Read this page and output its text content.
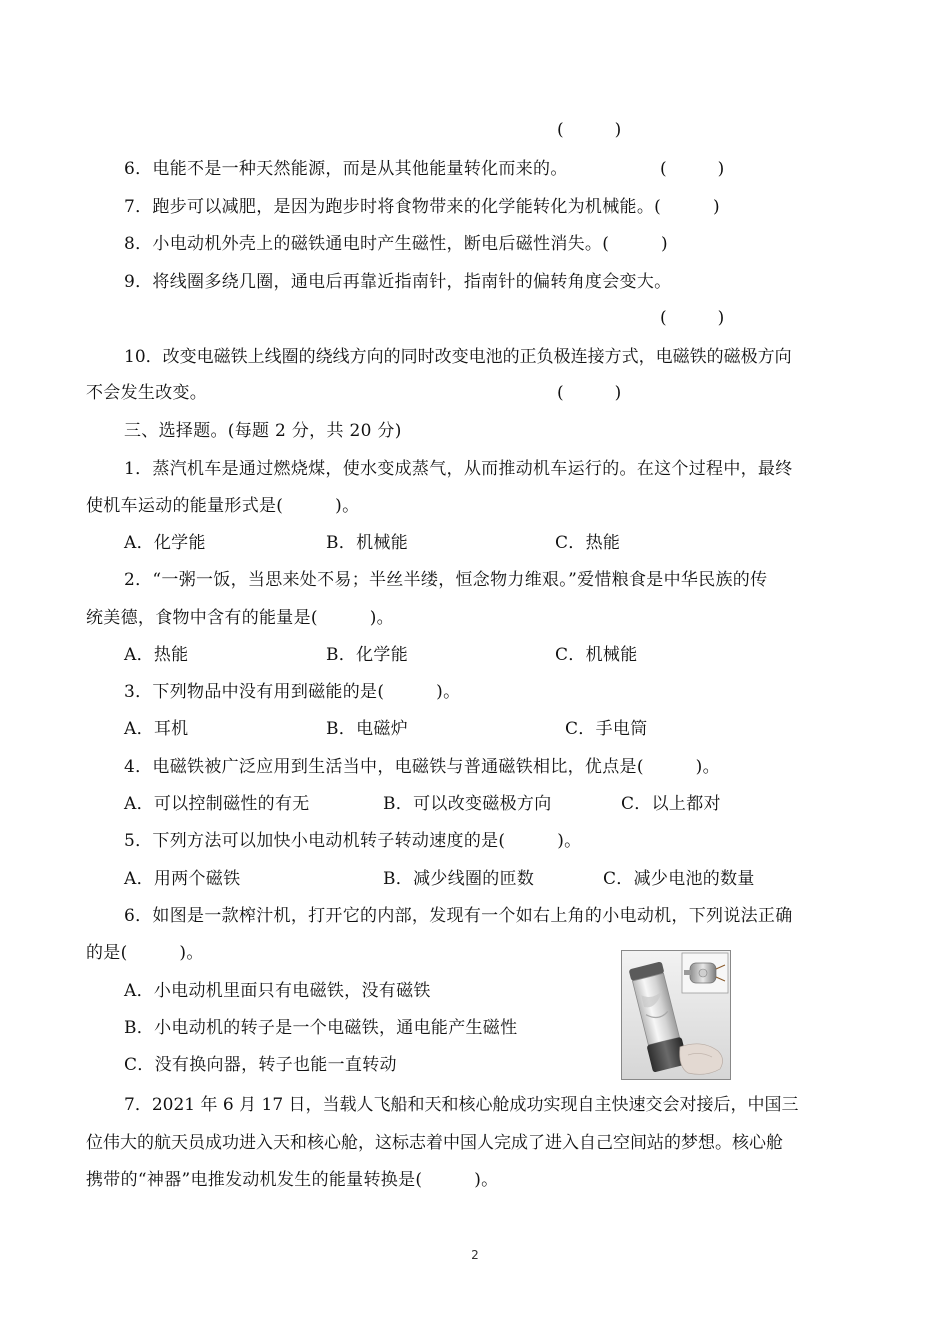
(　　　)
6．电能不是一种天然能源，而是从其他能量转化而来的。	(　　　)
7．跑步可以减肥，是因为跑步时将食物带来的化学能转化为机械能。(　　　)
8．小电动机外壳上的磁铁通电时产生磁性，断电后磁性消失。(　　　)
9．将线圈多绕几圈，通电后再靠近指南针，指南针的偏转角度会变大。
(　　　)
10．改变电磁铁上线圈的绕线方向的同时改变电池的正负极连接方式，电磁铁的磁极方向
不会发生改变。	(　　　)
三、选择题。(每题 2 分，共 20 分)
1．蒸汽机车是通过燃烧煤，使水变成蒸气，从而推动机车运行的。在这个过程中，最终
使机车运动的能量形式是(　　　)。
A．化学能	B．机械能	C．热能
2．“一粥一饭，当思来处不易；半丝半缕，恒念物力维艰。”爱惜粮食是中华民族的传
统美德，食物中含有的能量是(　　　)。
A．热能	B．化学能	C．机械能
3．下列物品中没有用到磁能的是(　　　)。
A．耳机	B．电磁炉	C．手电筒
4．电磁铁被广泛应用到生活当中，电磁铁与普通磁铁相比，优点是(　　　)。
A．可以控制磁性的有无	B．可以改变磁极方向	C．以上都对
5．下列方法可以加快小电动机转子转动速度的是(　　　)。
A．用两个磁铁	B．减少线圈的匝数	C．减少电池的数量
6．如图是一款榨汁机，打开它的内部，发现有一个如右上角的小电动机，下列说法正确
的是(　　　)。
A．小电动机里面只有电磁铁，没有磁铁
B．小电动机的转子是一个电磁铁，通电能产生磁性
C．没有换向器，转子也能一直转动
7．2021 年 6 月 17 日，当载人飞船和天和核心舱成功实现自主快速交会对接后，中国三
位伟大的航天员成功进入天和核心舱，这标志着中国人完成了进入自己空间站的梦想。核心舱
携带的“神器”电推发动机发生的能量转换是(　　　)。
2
